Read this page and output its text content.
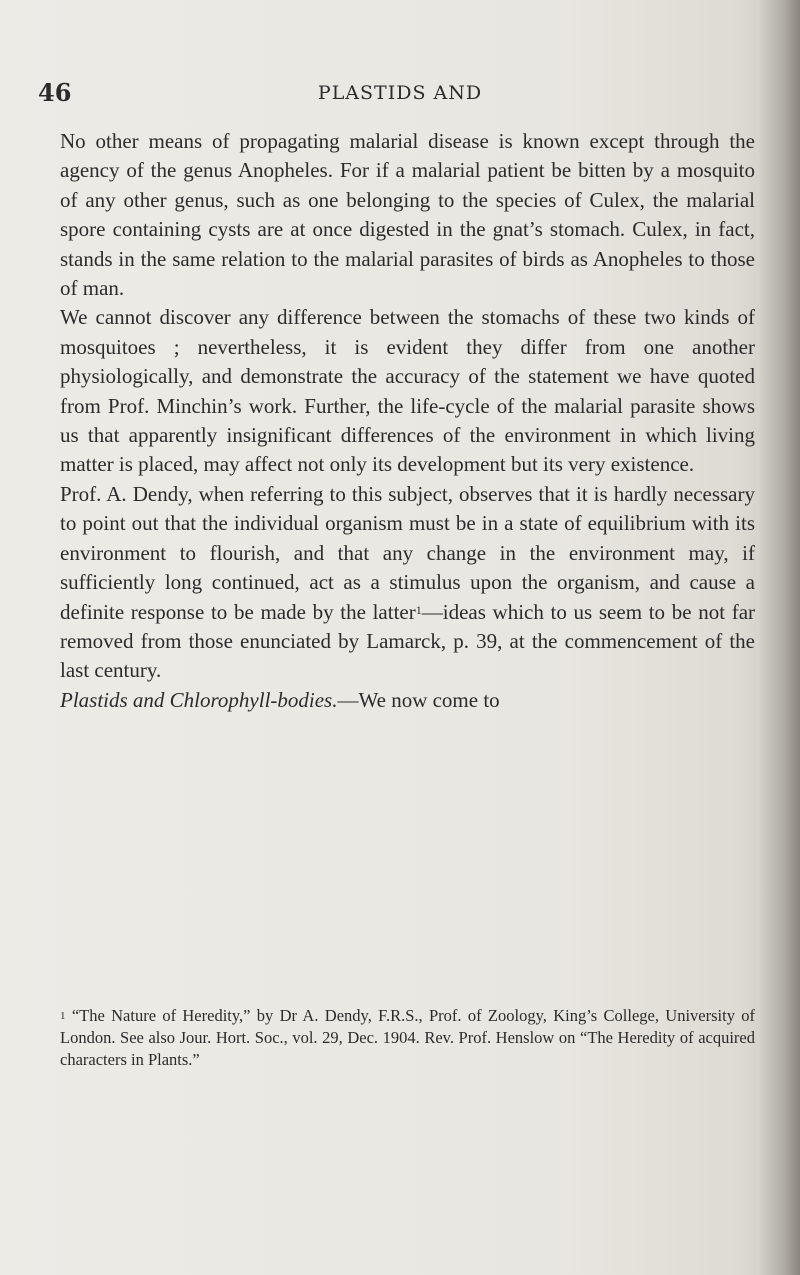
46	PLASTIDS AND

No other means of propagating malarial disease is known except through the agency of the genus Anopheles. For if a malarial patient be bitten by a mosquito of any other genus, such as one belonging to the species of Culex, the malarial spore containing cysts are at once digested in the gnat’s stomach. Culex, in fact, stands in the same relation to the malarial parasites of birds as Anopheles to those of man.

We cannot discover any difference between the stomachs of these two kinds of mosquitoes ; nevertheless, it is evident they differ from one another physiologically, and demonstrate the accuracy of the statement we have quoted from Prof. Minchin’s work. Further, the life-cycle of the malarial parasite shows us that apparently insignificant differences of the environment in which living matter is placed, may affect not only its development but its very existence.

Prof. A. Dendy, when referring to this subject, observes that it is hardly necessary to point out that the individual organism must be in a state of equilibrium with its environment to flourish, and that any change in the environment may, if sufficiently long continued, act as a stimulus upon the organism, and cause a definite response to be made by the latter$^1$—ideas which to us seem to be not far removed from those enunciated by Lamarck, p. 39, at the commencement of the last century.

Plastids and Chlorophyll-bodies.—We now come to

$^1$ “The Nature of Heredity,” by Dr A. Dendy, F.R.S., Prof. of Zoology, King’s College, University of London. See also Jour. Hort. Soc., vol. 29, Dec. 1904. Rev. Prof. Henslow on “The Heredity of acquired characters in Plants.”
